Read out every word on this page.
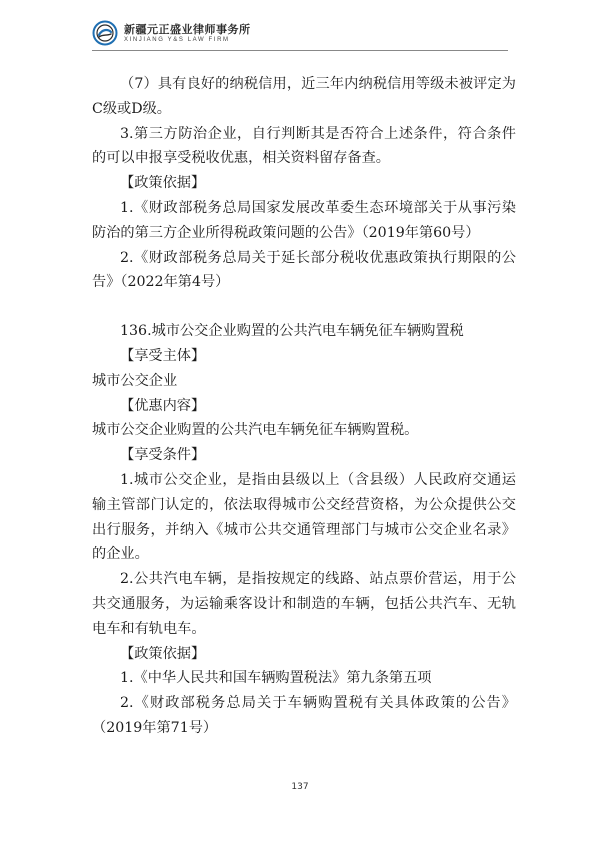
新疆元正盛业律师事务所
XINJIANG Y&S LAW FIRM

（7）具有良好的纳税信用，近三年内纳税信用等级未被评定为C级或D级。

3.第三方防治企业，自行判断其是否符合上述条件，符合条件的可以申报享受税收优惠，相关资料留存备查。

【政策依据】

1.《财政部税务总局国家发展改革委生态环境部关于从事污染防治的第三方企业所得税政策问题的公告》（2019年第60号）

2.《财政部税务总局关于延长部分税收优惠政策执行期限的公告》（2022年第4号）

136.城市公交企业购置的公共汽电车辆免征车辆购置税

【享受主体】

城市公交企业

【优惠内容】

城市公交企业购置的公共汽电车辆免征车辆购置税。

【享受条件】

1.城市公交企业，是指由县级以上（含县级）人民政府交通运输主管部门认定的，依法取得城市公交经营资格，为公众提供公交出行服务，并纳入《城市公共交通管理部门与城市公交企业名录》的企业。

2.公共汽电车辆，是指按规定的线路、站点票价营运，用于公共交通服务，为运输乘客设计和制造的车辆，包括公共汽车、无轨电车和有轨电车。

【政策依据】

1.《中华人民共和国车辆购置税法》第九条第五项

2.《财政部税务总局关于车辆购置税有关具体政策的公告》（2019年第71号）

137
